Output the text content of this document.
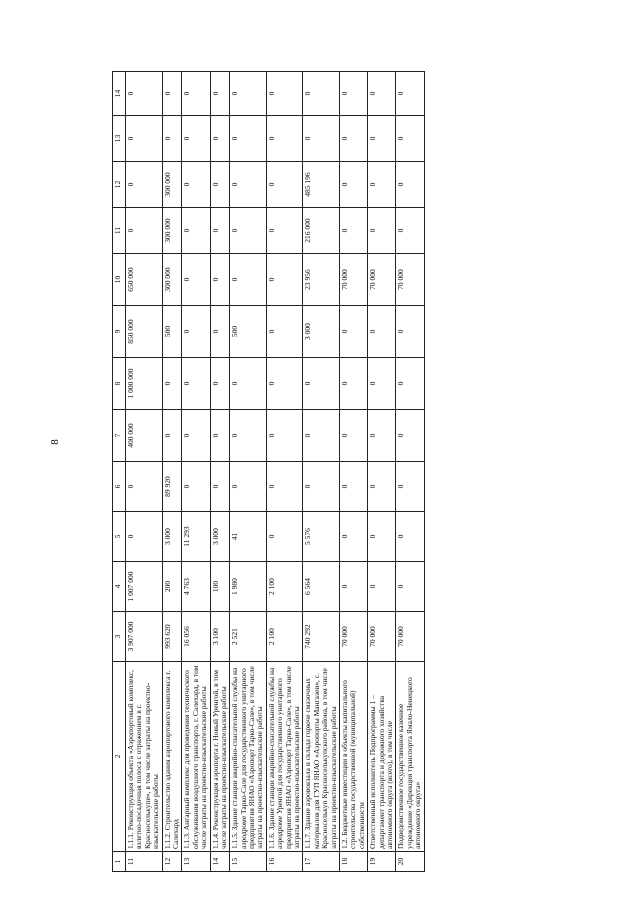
8
1	2	3	4	5	6	7	8	9	10	11	12	13	14
11	1.1.1. Реконструкция объекта «Аэропортовый комплекс, взлетно-посадочная полоса с отражением в г. Красноселькупе», в том числе затраты на проектно-изыскательские работы	3 907 000	1 007 000	0	0	400 000	1 000 000	850 000	650 000	0	0	0	0
12	1.1.2. Строительство здания аэропортового комплекса г. Салехард	993 620	200	3 000	89 920	0	0	500	300 000	300 000	300 000	0	0
13	1.1.3. Ангарный комплекс для проведения технического обслуживания воздушного транспорта, г. Салехард, в том числе затраты на проектно-изыскательские работы	16 056	4 763	11 293	0	0	0	0	0	0	0	0	0
14	1.1.4. Реконструкция аэропорта г. Новый Уренгой, в том числе затраты на проектно-изыскательские работы	3 100	100	3 000	0	0	0	0	0	0	0	0	0
15	1.1.5. Здание станции аварийно-спасательной службы на аэродроме Тарко-Сале для государственного унитарного предприятия ЯНАО «Аэропорт Тарко-Сале», в том числе затраты на проектно-изыскательские работы	2 521	1 980	41	0	0	0	500	0	0	0	0	0
16	1.1.6. Здание станции аварийно-спасательной службы на аэродроме Уренгой для государственного унитарного предприятия ЯНАО «Аэропорт Тарко-Сале», в том числе затраты на проектно-изыскательские работы	2 100	2 100	0	0	0	0	0	0	0	0	0	0
17	1.1.7. Здание аэровокзала и склада горюче смазочных материалов для ГУП ЯНАО «Аэропорты Мангазеи», с. Красноселькуп Красноселькупского района, в том числе затраты на проектно-изыскательские работы	740 292	6 564	5 576	0	0	0	3 000	23 956	216 000	485 196	0	0
18	1.2. Бюджетные инвестиции в объекты капитального строительства государственной (муниципальной) собственности	70 000	0	0	0	0	0	0	70 000	0	0	0	0
19	Ответственный исполнитель Подпрограммы 1 – департамент транспорта и дорожного хозяйства автономного округа (всего), в том числе	70 000	0	0	0	0	0	0	70 000	0	0	0	0
20	Подведомственное государственное казенное учреждение «Дирекция транспорта Ямало-Ненецкого автономного округа»	70 000	0	0	0	0	0	0	70 000	0	0	0	0
